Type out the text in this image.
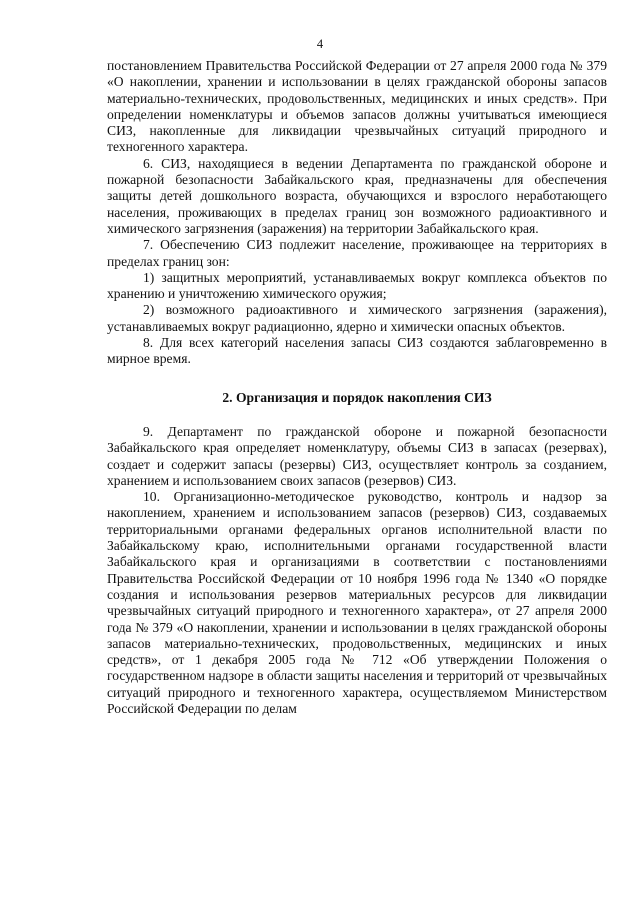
4

постановлением Правительства Российской Федерации от 27 апреля 2000 года № 379 «О накоплении, хранении и использовании в целях гражданской обороны запасов материально-технических, продовольственных, медицинских и иных средств». При определении номенклатуры и объемов запасов должны учитываться имеющиеся СИЗ, накопленные для ликвидации чрезвычайных ситуаций природного и техногенного характера.

6. СИЗ, находящиеся в ведении Департамента по гражданской обороне и пожарной безопасности Забайкальского края, предназначены для обеспечения защиты детей дошкольного возраста, обучающихся и взрослого неработающего населения, проживающих в пределах границ зон возможного радиоактивного и химического загрязнения (заражения) на территории Забайкальского края.

7. Обеспечению СИЗ подлежит население, проживающее на территориях в пределах границ зон:

1) защитных мероприятий, устанавливаемых вокруг комплекса объектов по хранению и уничтожению химического оружия;

2) возможного радиоактивного и химического загрязнения (заражения), устанавливаемых вокруг радиационно, ядерно и химически опасных объектов.

8. Для всех категорий населения запасы СИЗ создаются заблаговременно в мирное время.

2. Организация и порядок накопления СИЗ

9. Департамент по гражданской обороне и пожарной безопасности Забайкальского края определяет номенклатуру, объемы СИЗ в запасах (резервах), создает и содержит запасы (резервы) СИЗ, осуществляет контроль за созданием, хранением и использованием своих запасов (резервов) СИЗ.

10. Организационно-методическое руководство, контроль и надзор за накоплением, хранением и использованием запасов (резервов) СИЗ, создаваемых территориальными органами федеральных органов исполнительной власти по Забайкальскому краю, исполнительными органами государственной власти Забайкальского края и организациями в соответствии с постановлениями Правительства Российской Федерации от 10 ноября 1996 года № 1340 «О порядке создания и использования резервов материальных ресурсов для ликвидации чрезвычайных ситуаций природного и техногенного характера», от 27 апреля 2000 года № 379 «О накоплении, хранении и использовании в целях гражданской обороны запасов материально-технических, продовольственных, медицинских и иных средств», от 1 декабря 2005 года № 712 «Об утверждении Положения о государственном надзоре в области защиты населения и территорий от чрезвычайных ситуаций природного и техногенного характера, осуществляемом Министерством Российской Федерации по делам
